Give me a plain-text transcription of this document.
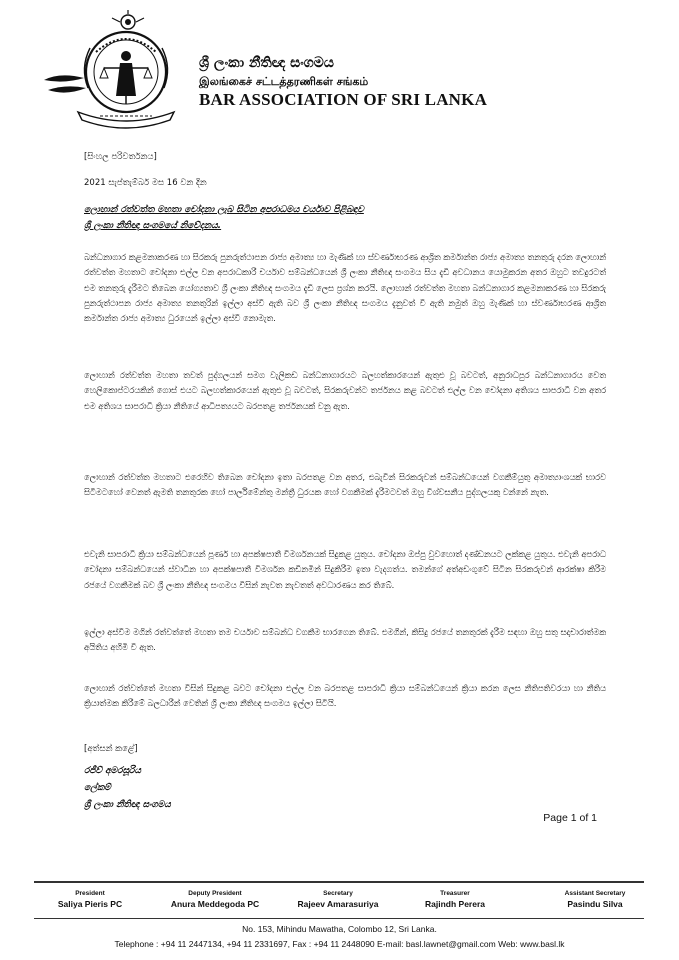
ශ්‍රී ලංකා නීතිඥ සංගමය
இலங்கைச் சட்டத்தரணிகள் சங்கம்
BAR ASSOCIATION OF SRI LANKA
[සිංහල පරිවර්තනය]
2021 සැප්තැම්බර් මස 16 වන දින
ලොහාන් රත්වත්ත මහතා චෝදනා ලැබ සිටින අපරාධමය චර්යාව පිළිබඳව
ශ්‍රී ලංකා නීතිඥ සංගමයේ නිවේදනය.

බන්ධනාගාර කළමනාකරණ හා සිරකරු පුනරුත්ථාපන රාජ්‍ය අමාත්‍ය හා මැණික් හා ස්වර්ණාභරණ ආශ්‍රිත කර්මාන්ත රාජ්‍ය අමාත්‍ය තනතුරු දරන ලොහාන් රත්වත්ත මහතාට චෝදනා එල්ල වන අපරාධකාරී චර්යාව සම්බන්ධයෙන් ශ්‍රී ලංකා නීතිඥ සංගමය සිය දැඩි අවධානය යොමුකරන අතර ඔහුට තවදුරටත් එම තනතුරු දැරීමට තිබෙන යෝග්‍යතාව ශ්‍රී ලංකා නීතිඥ සංගමය දැඩි ලෙස ප්‍රශ්න කරයි. ලොහාන් රත්වත්ත මහතා බන්ධනාගාර කළමනාකරණ හා සිරකරු පුනරුත්ථාපන රාජ්‍ය අමාත්‍ය තනතුරින් ඉල්ලා අස්වී ඇති බව ශ්‍රී ලංකා නීතිඥ සංගමය දැනුවත් වී ඇති නමුත් ඔහු මැණික් හා ස්වර්ණාභරණ ආශ්‍රිත කර්මාන්ත රාජ්‍ය අමාත්‍ය ධුරයෙන් ඉල්ලා අස්වී නොමැත.

ලොහාන් රත්වත්ත මහතා තවත් පුද්ගලයන් සමග වැලිකඩ බන්ධනාගාරයට බලහත්කාරයෙන් ඇතුළු වූ බවටත්, අනුරාධපුර බන්ධනාගාරය වෙත හෙලිකොප්ටරයකින් ගොස් එයට බලහත්කාරයෙන් ඇතුළු වූ බවටත්, සිරකරුවන්ට තර්ජනය කළ බවටත් එල්ල වන චෝදනා අතිශය සාපරාධී වන අතර එම අතිශය සාපරාධී ක්‍රියා නීතියේ ආධිපත්‍යයට බරපතළ තර්ජනයක් වනු ඇත.

ලොහාන් රත්වත්ත මහතාට එරෙහිව තිබෙන චෝදනා ඉතා බරපතළ වන අතර, එබැවින් සිරකරුවන් සම්බන්ධයෙන් වගකීම්යුතු අමාත්‍යාංශයක් භාරව සිටීමටහෝ වෙනත් ඇමති තනතුරක හෝ පාර්ලිමේන්තු මන්ත්‍රී ධුරයක හෝ වගකීමක් දැරීමටවත් ඔහු විශ්වසනීය පුද්ගලයකු වන්නේ නැත.

එවැනි සාපරාධී ක්‍රියා සම්බන්ධයෙන් පූර්ණ හා අපක්ෂපාතී විමර්ශනයක් සිදුකළ යුතුය. චෝදනා ඔප්පු වුවහොත් දණ්ඩනයට ලක්කළ යුතුය. එවැනි අපරාධ චෝදනා සම්බන්ධයෙන් ස්වාධීන හා අපක්ෂපාතී විමර්ශන කඩිනමින් සිදුකිරීම ඉතා වැදගත්ය. තමන්ගේ අත්අඩංගුවේ සිටින සිරකරුවන් ආරක්ෂා කිරීම රජයේ වගකීමක් බව ශ්‍රී ලංකා නීතිඥ සංගමය විසින් නැවත නැවතත් අවධාරණය කර තිබේ.

ඉල්ලා අස්වීම මගින් රත්වත්තේ මහතා තම චර්යාව සම්බන්ධ වගකීම භාරගෙන තිබේ. එමගින්, කිසිදු රජයේ තනතුරක් දැරීම සඳහා ඔහු සතු සදාචාරාත්මක අයිතිය අහිමි වී ඇත.

ලොහාන් රත්වත්තේ මහතා විසින් සිදුකළ බවට චෝදනා එල්ල වන බරපතළ සාපරාධී ක්‍රියා සම්බන්ධයෙන් ක්‍රියා කරන ලෙස නීතිපතිවරයා හා නීතිය ක්‍රියාත්මක කිරීමේ බලධාරීන් වෙතින් ශ්‍රී ලංකා නීතිඥ සංගමය ඉල්ලා සිටියි.

[අත්සන් කළේ]
රජීව් අමරසූරිය
ලේකම්
ශ්‍රී ලංකා නීතිඥ සංගමය
Page 1 of 1
President
Saliya Pieris PC
Deputy President
Anura Meddegoda PC
Secretary
Rajeev Amarasuriya
Treasurer
Rajindh Perera
Assistant Secretary
Pasindu Silva
No. 153, Mihindu Mawatha, Colombo 12, Sri Lanka.
Telephone : +94 11 2447134, +94 11 2331697, Fax : +94 11 2448090 E-mail: basl.lawnet@gmail.com Web: www.basl.lk
